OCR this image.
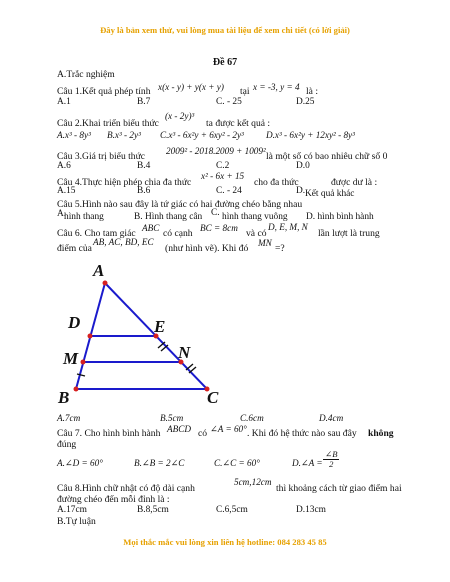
Đây là bản xem thử, vui lòng mua tài liệu để xem chi tiết (có lời giải)
Đề 67
A.Trắc nghiệm
Câu 1.Kết quả phép tính x(x - y) + y(x + y) tại x = -3, y = 4 là :
A.1	B.7	C. - 25	D.25
Câu 2.Khai triển biểu thức
(x - 2y)³
ta được kết quả :
A.x³ - 8y³ B.x³ - 2y³ C.x³ - 6x²y + 6xy² - 2y³ D.x³ - 6x²y + 12xy² - 8y³
Câu 3.Giá trị biểu thức 2009² - 2018.2009 + 1009² là một số có bao nhiêu chữ số 0
A.6	B.4	C.2	D.0
Câu 4.Thực hiện phép chia đa thức
x² - 6x + 15
cho đa thức	được dư là :
A.15	B.6	C. - 24	D. Kết quả khác
Câu 5.Hình nào sau đây là tứ giác có hai đường chéo bằng nhau
A.
hình thang	B. Hình thang cân C. hình thang vuông D. hình bình hành
Câu 6. Cho tam giác ABC có cạnh BC = 8cm và có
D, E, M, N
lần lượt là trung
điểm của
AB, AC, BD, EC
(như hình vẽ). Khi đó MN =?
A
D	E
M	N
B	C
A.7cm	B.5cm	C.6cm	D.4cm
Câu 7. Cho hình bình hành ABCD có ∠A = 60° . Khi đó hệ thức nào sau đây không
đúng
A.∠D = 60°	B.∠B = 2∠C	C.∠C = 60°	D.∠A = $\frac{\angle B}{2}$
Câu 8.Hình chữ nhật có độ dài cạnh
5cm,12cm
thì khoảng cách từ giao điểm hai
đường chéo đến mỗi đỉnh là :
A.17cm	B.8,5cm	C.6,5cm	D.13cm
B.Tự luận
Mọi thắc mắc vui lòng xin liên hệ hotline: 084 283 45 85
